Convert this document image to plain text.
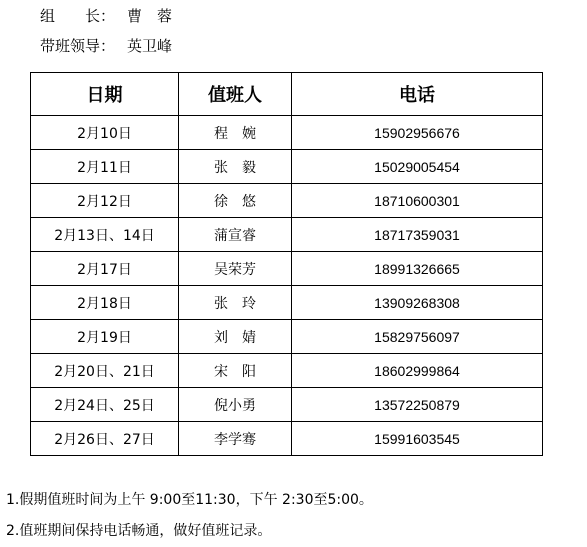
组　　长： 曹　蓉
带班领导： 英卫峰
日期	值班人	电话
2月10日	程　婉	15902956676
2月11日	张　毅	15029005454
2月12日	徐　悠	18710600301
2月13日、14日	蒲宣睿	18717359031
2月17日	吴荣芳	18991326665
2月18日	张　玲	13909268308
2月19日	刘　婧	15829756097
2月20日、21日	宋　阳	18602999864
2月24日、25日	倪小勇	13572250879
2月26日、27日	李学骞	15991603545
1.假期值班时间为上午 9:00至11:30，下午 2:30至5:00。
2.值班期间保持电话畅通，做好值班记录。
